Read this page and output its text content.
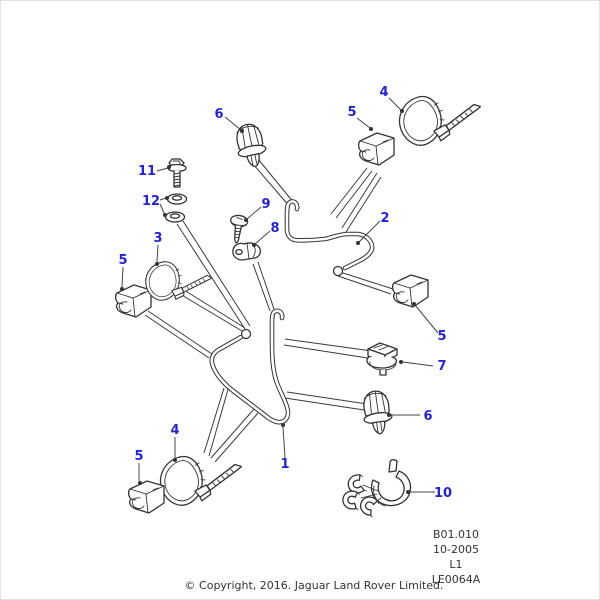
6
4
5
11
12	9
8
2
3
5
5
7
6
4
5
1
10
B01.010
10-2005
L1
LE0064A
© Copyright, 2016. Jaguar Land Rover Limited.
